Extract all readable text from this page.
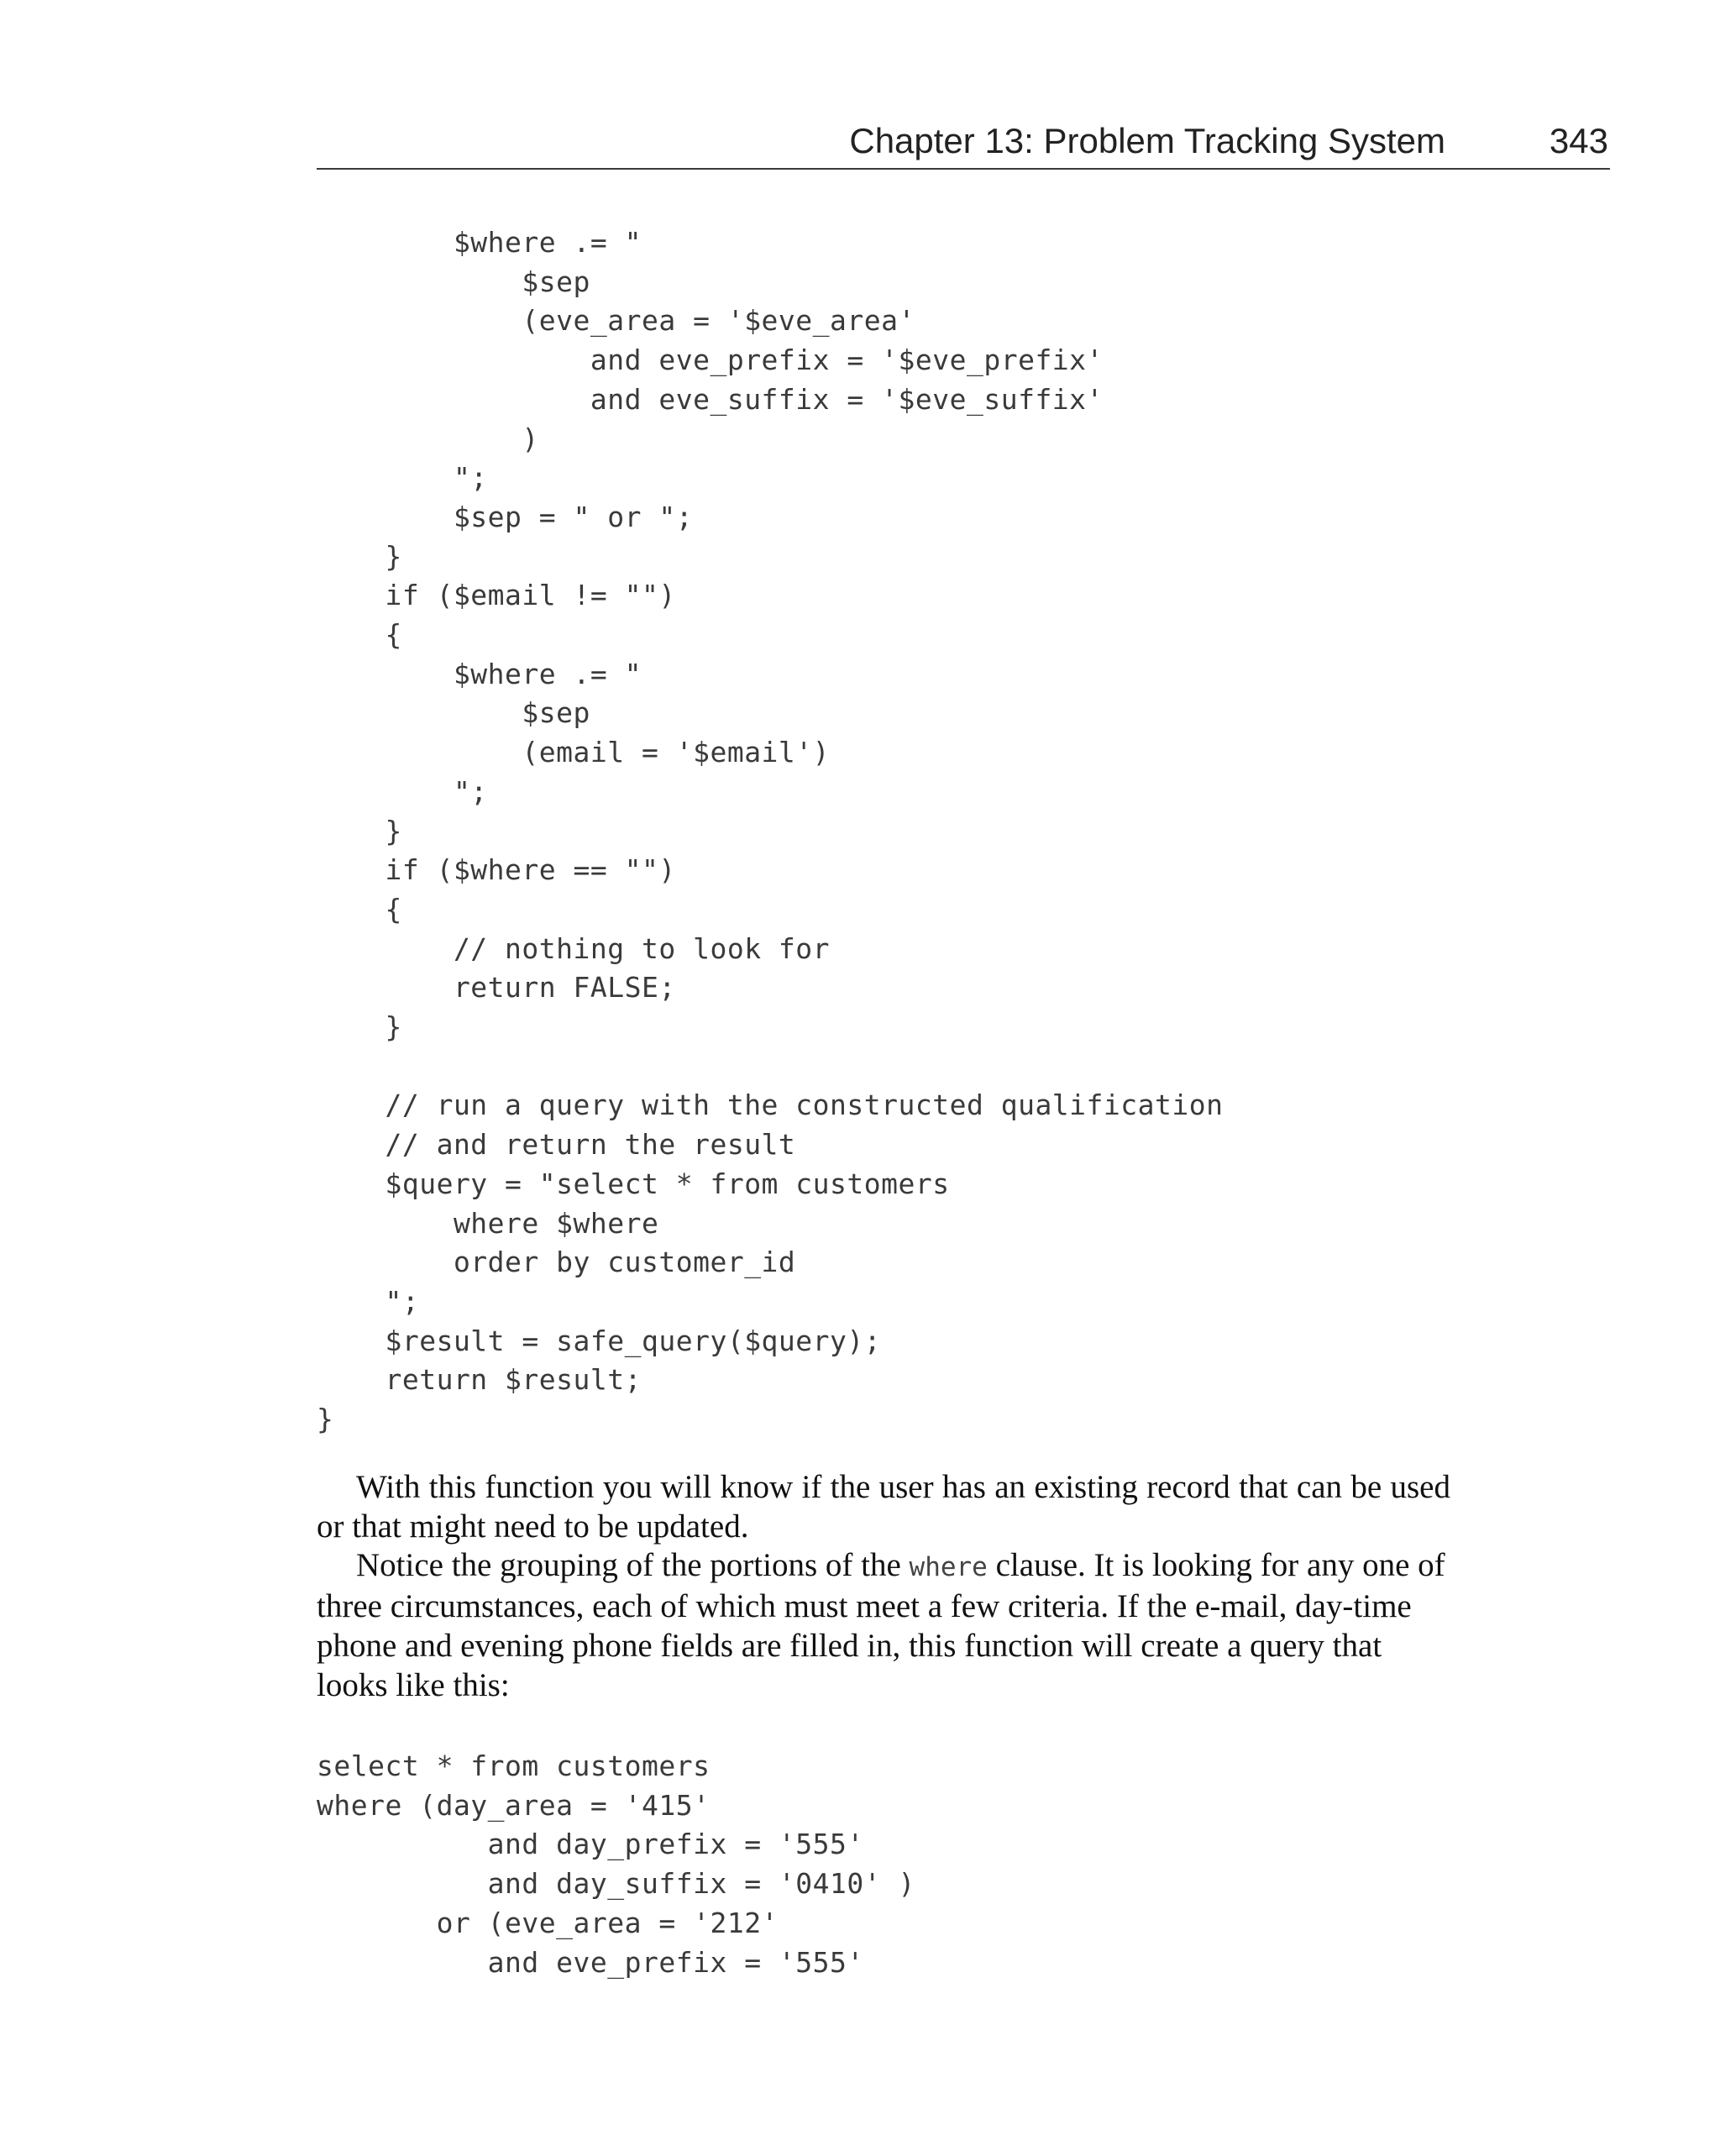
Chapter 13: Problem Tracking System	343
$where .= "
$sep
(eve_area = '$eve_area'
and eve_prefix = '$eve_prefix'
and eve_suffix = '$eve_suffix'
)
";
$sep = " or ";
}
if ($email != "")
{
$where .= "
$sep
(email = '$email')
";
}
if ($where == "")
{
// nothing to look for
return FALSE;
}

// run a query with the constructed qualification
// and return the result
$query = "select * from customers
where $where
order by customer_id
";
$result = safe_query($query);
return $result;
}

With this function you will know if the user has an existing record that can be used or that might need to be updated.

Notice the grouping of the portions of the where clause. It is looking for any one of three circumstances, each of which must meet a few criteria. If the e-mail, day-time phone and evening phone fields are filled in, this function will create a query that looks like this:

select * from customers
where (day_area = '415'
and day_prefix = '555'
and day_suffix = '0410' )
or (eve_area = '212'
and eve_prefix = '555'
